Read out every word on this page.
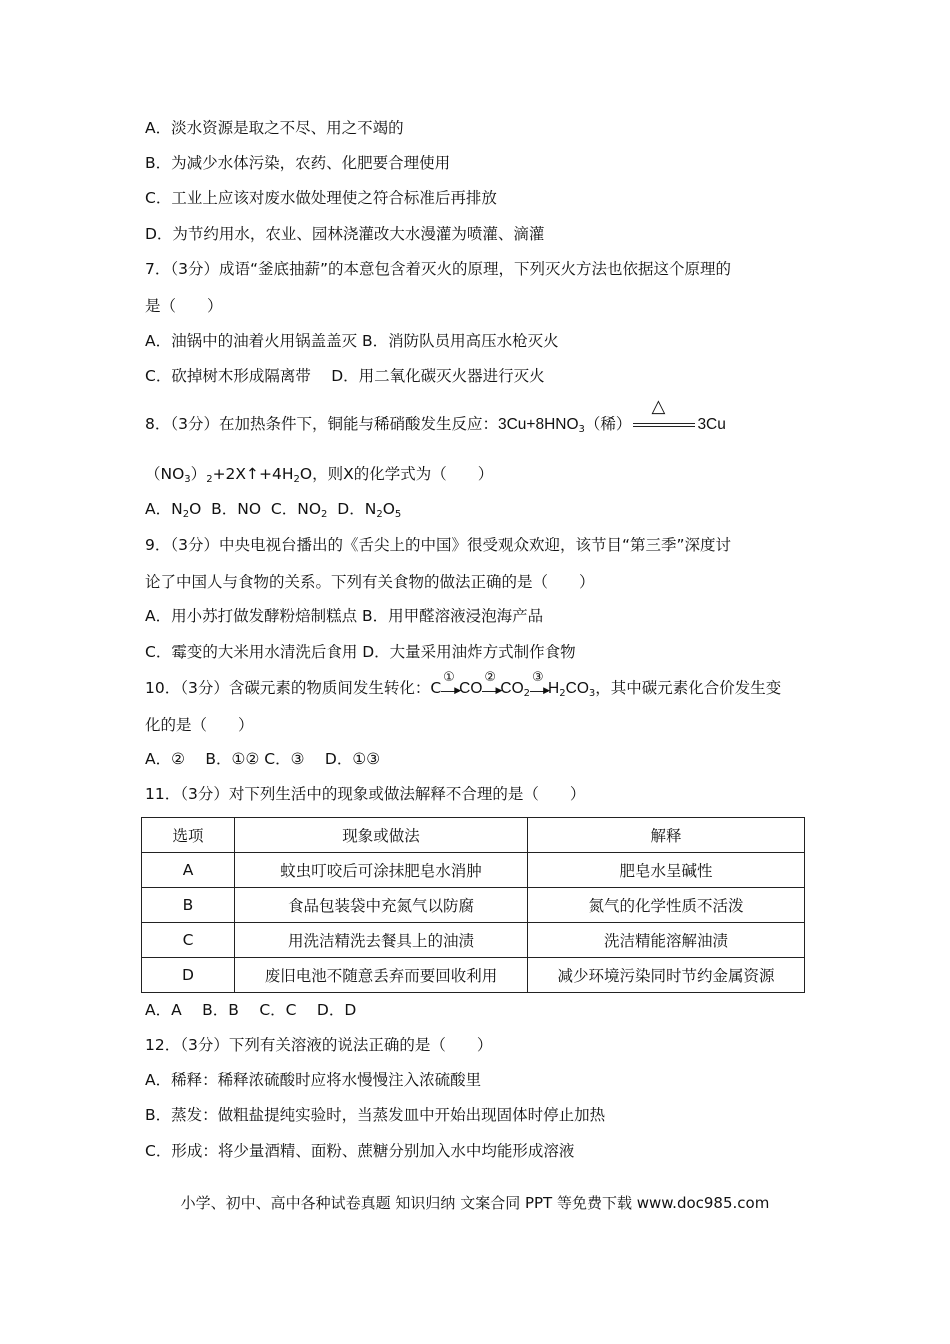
A．淡水资源是取之不尽、用之不竭的
B．为减少水体污染，农药、化肥要合理使用
C．工业上应该对废水做处理使之符合标准后再排放
D．为节约用水，农业、园林浇灌改大水漫灌为喷灌、滴灌
7．（3分）成语“釜底抽薪”的本意包含着灭火的原理，下列灭火方法也依据这个原理的
是（　　）
A．油锅中的油着火用锅盖盖灭 B．消防队员用高压水枪灭火
C．砍掉树木形成隔离带　 D．用二氧化碳灭火器进行灭火
8．（3分）在加热条件下，铜能与稀硝酸发生反应：$3Cu+8HNO_3$（稀）
△
3Cu
$(NO_3)_2+2X↑+4H_2O$，则X的化学式为（　　）
A．$N_2O$  B．NO  C．$NO_2$  D．$N_2O_5$
9．（3分）中央电视台播出的《舌尖上的中国》很受观众欢迎，该节目“第三季”深度讨
论了中国人与食物的关系。下列有关食物的做法正确的是（　　）
A．用小苏打做发酵粉焙制糕点 B．用甲醛溶液浸泡海产品
C．霉变的大米用水清洗后食用 D．大量采用油炸方式制作食物
10．（3分）含碳元素的物质间发生转化：C
①
▶
CO
②
▶
$CO_2$
③
▶
$H_2CO_3$，其中碳元素化合价发生变
化的是（　　）
A．②　 B．①② C．③　 D．①③
11．（3分）对下列生活中的现象或做法解释不合理的是（　　）
选项	现象或做法	解释
A	蚊虫叮咬后可涂抹肥皂水消肿	肥皂水呈碱性
B	食品包装袋中充氮气以防腐	氮气的化学性质不活泼
C	用洗洁精洗去餐具上的油渍	洗洁精能溶解油渍
D	废旧电池不随意丢弃而要回收利用	减少环境污染同时节约金属资源
A．A　 B．B　 C．C　 D．D
12．（3分）下列有关溶液的说法正确的是（　　）
A．稀释：稀释浓硫酸时应将水慢慢注入浓硫酸里
B．蒸发：做粗盐提纯实验时，当蒸发皿中开始出现固体时停止加热
C．形成：将少量酒精、面粉、蔗糖分别加入水中均能形成溶液
小学、初中、高中各种试卷真题 知识归纳 文案合同 PPT 等免费下载 www.doc985.com
